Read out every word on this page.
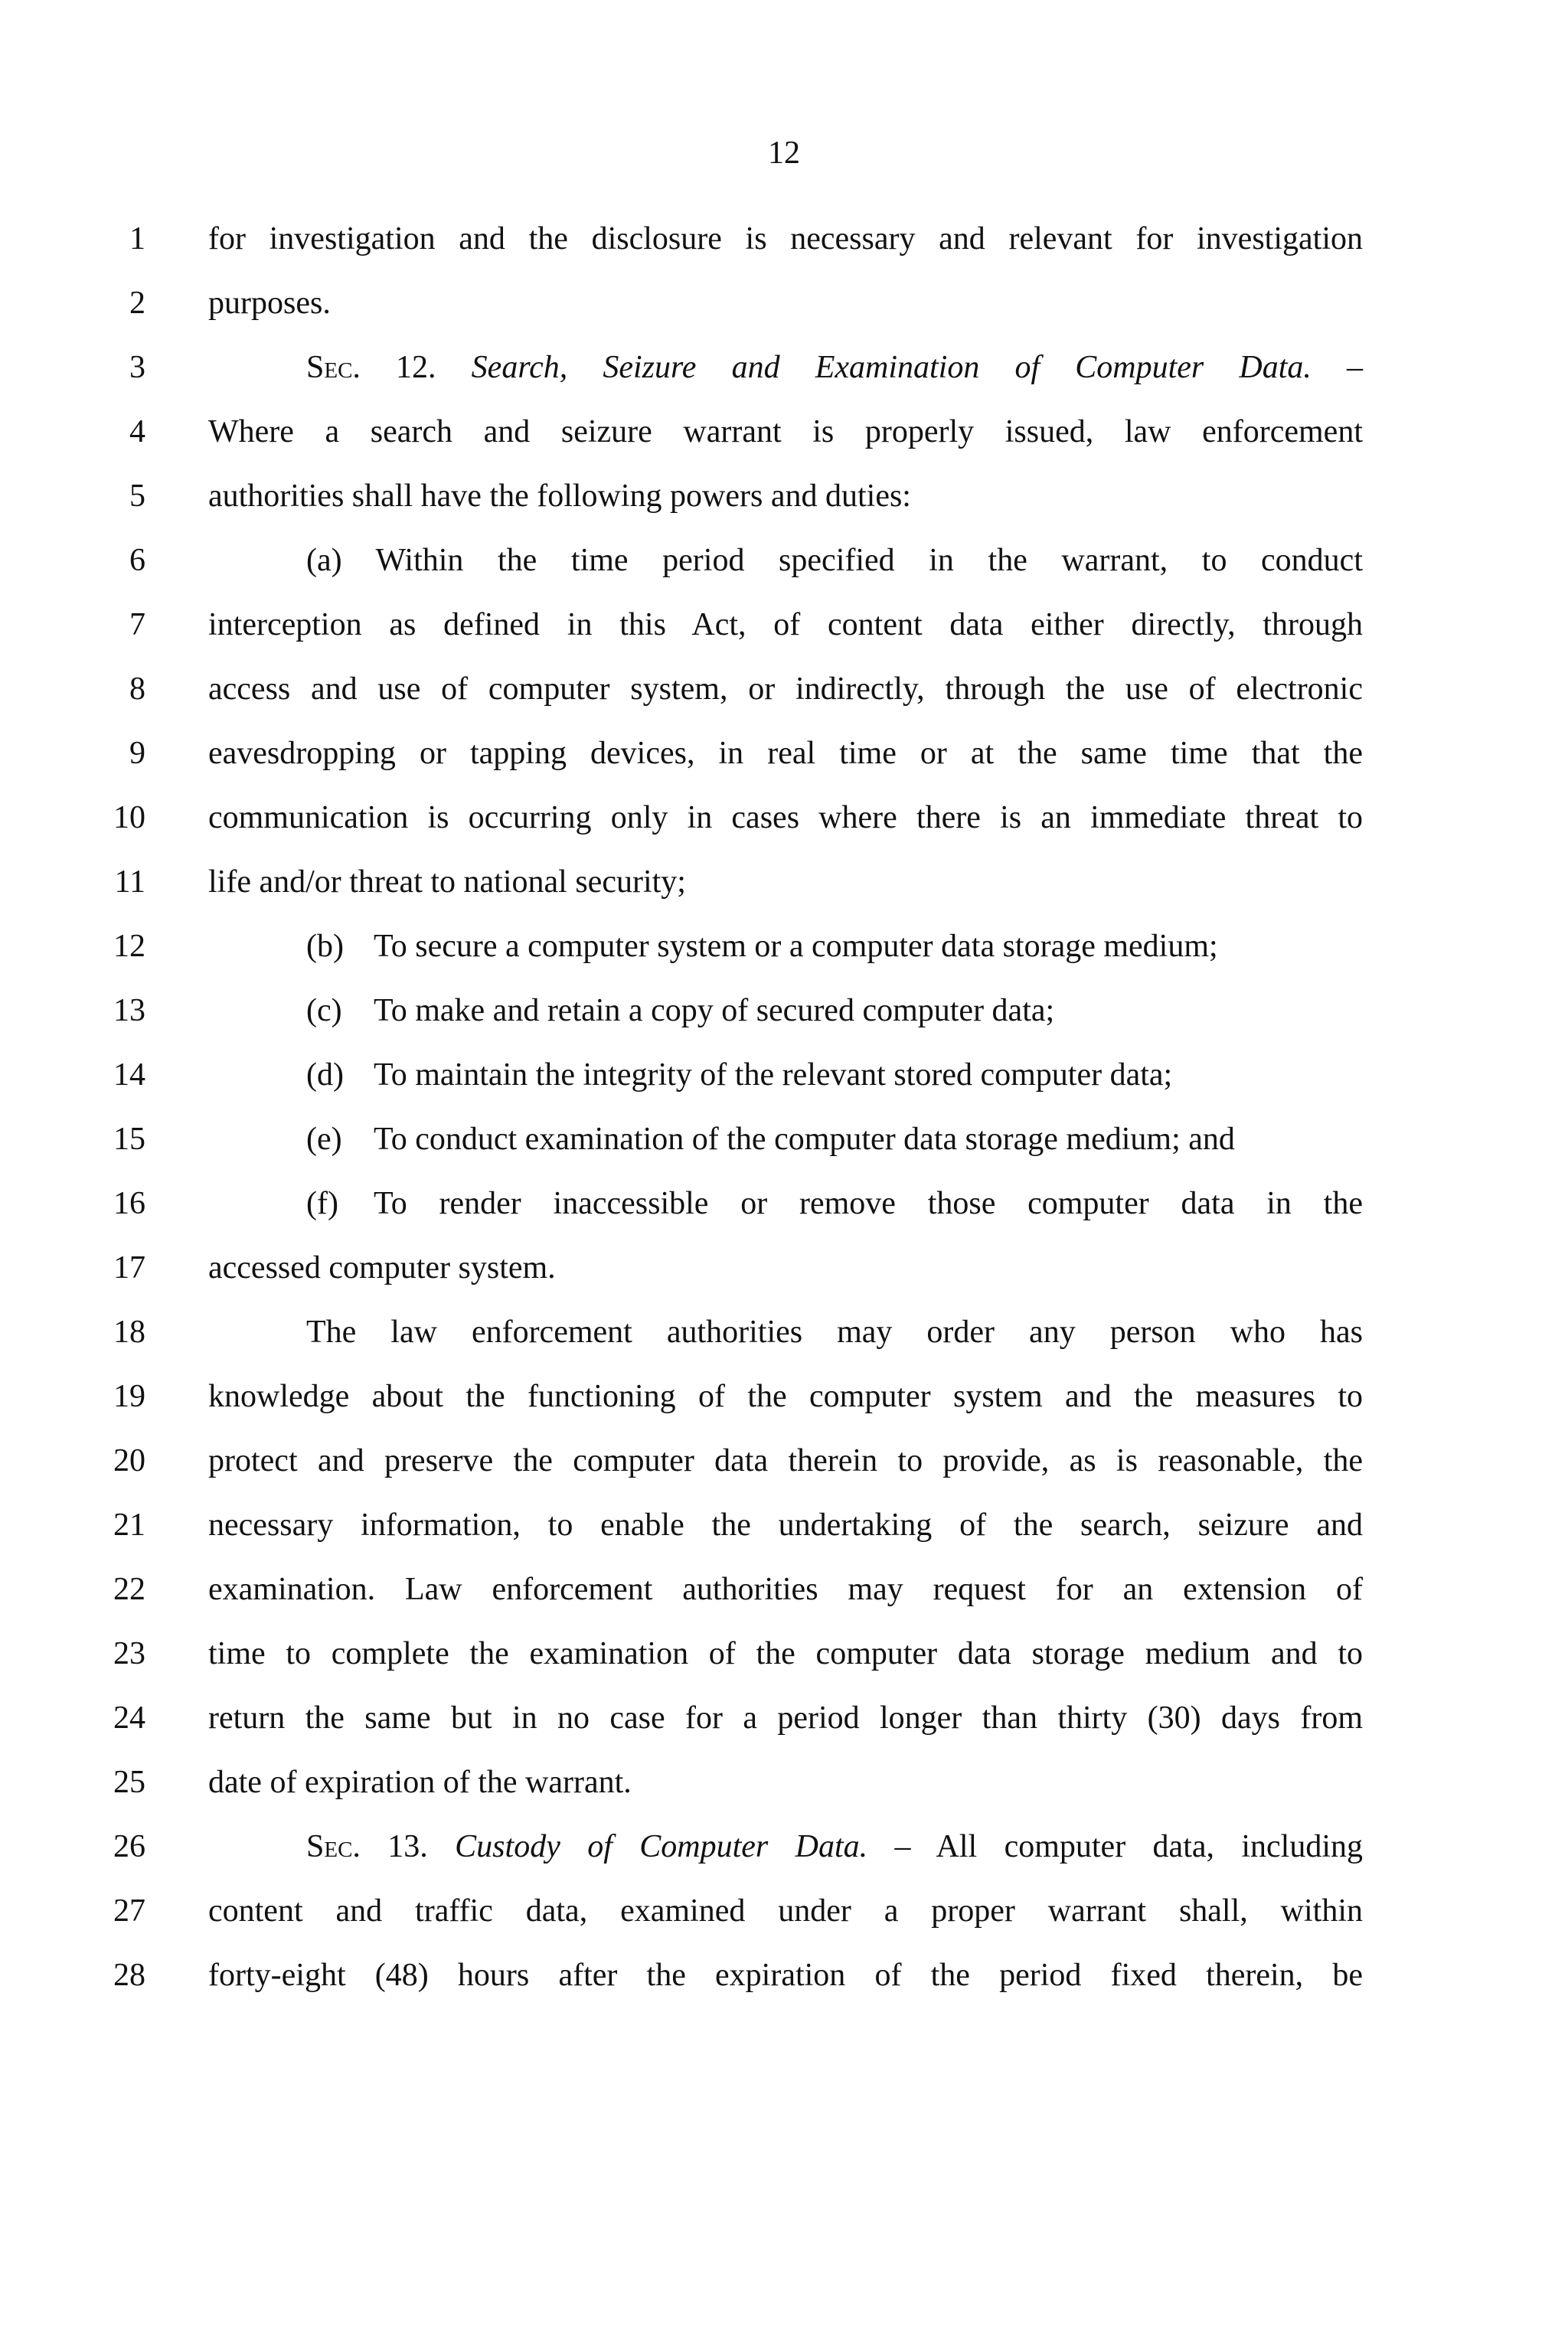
12
1 for investigation and the disclosure is necessary and relevant for investigation
2 purposes.
3	Sec. 12. Search, Seizure and Examination of Computer Data. –
4 Where a search and seizure warrant is properly issued, law enforcement
5 authorities shall have the following powers and duties:
6	(a) Within the time period specified in the warrant, to conduct
7 interception as defined in this Act, of content data either directly, through
8 access and use of computer system, or indirectly, through the use of electronic
9 eavesdropping or tapping devices, in real time or at the same time that the
10 communication is occurring only in cases where there is an immediate threat to
11 life and/or threat to national security;
12	(b) To secure a computer system or a computer data storage medium;
13	(c) To make and retain a copy of secured computer data;
14	(d) To maintain the integrity of the relevant stored computer data;
15	(e) To conduct examination of the computer data storage medium; and
16	(f) To render inaccessible or remove those computer data in the
17 accessed computer system.
18	The law enforcement authorities may order any person who has
19 knowledge about the functioning of the computer system and the measures to
20 protect and preserve the computer data therein to provide, as is reasonable, the
21 necessary information, to enable the undertaking of the search, seizure and
22 examination. Law enforcement authorities may request for an extension of
23 time to complete the examination of the computer data storage medium and to
24 return the same but in no case for a period longer than thirty (30) days from
25 date of expiration of the warrant.
26	Sec. 13. Custody of Computer Data. – All computer data, including
27 content and traffic data, examined under a proper warrant shall, within
28 forty-eight (48) hours after the expiration of the period fixed therein, be
